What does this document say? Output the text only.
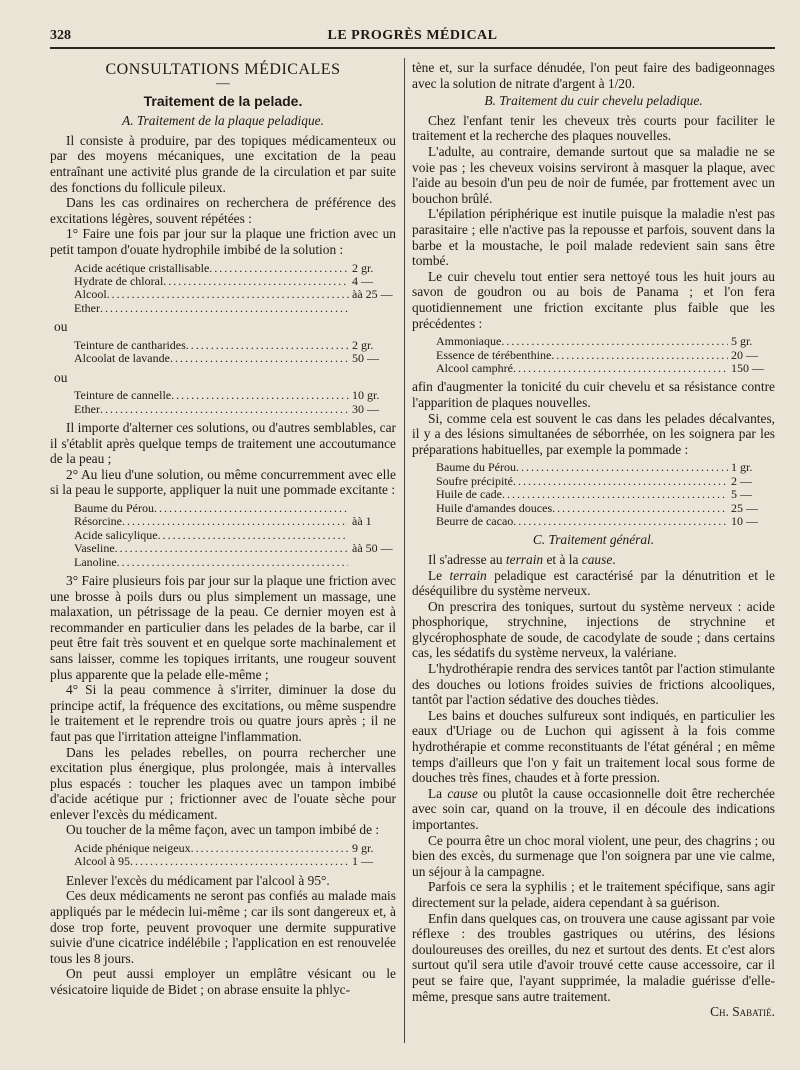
328	LE PROGRÈS MÉDICAL
CONSULTATIONS MÉDICALES
—
Traitement de la pelade.
A. Traitement de la plaque peladique.

Il consiste à produire, par des topiques médicamenteux ou par des moyens mécaniques, une excitation de la peau entraînant une activité plus grande de la circulation et par suite des fonctions du follicule pileux.

Dans les cas ordinaires on recherchera de préférence des excitations légères, souvent répétées :

1° Faire une fois par jour sur la plaque une friction avec un petit tampon d'ouate hydrophile imbibé de la solution :

Acide acétique cristallisable .....	2 gr.
Hydrate de chloral .....	4 —
Alcool .....	àà 25 —
Ether
.....
ou
Teinture de cantharides .....	2 gr.
Alcoolat de lavande .....	50 —
ou
Teinture de cannelle .....	10 gr.
Ether .....	30 —

Il importe d'alterner ces solutions, ou d'autres semblables, car il s'établit après quelque temps de traitement une accoutumance de la peau ;

2° Au lieu d'une solution, ou même concurremment avec elle si la peau le supporte, appliquer la nuit une pommade excitante :

Baume du Pérou
.....
Résorcine .....	àà 1
Acide salicylique
.....
Vaseline .....	àà 50 —
Lanoline
.....

3° Faire plusieurs fois par jour sur la plaque une friction avec une brosse à poils durs ou plus simplement un massage, une malaxation, un pétrissage de la peau. Ce dernier moyen est à recommander en particulier dans les pelades de la barbe, car il peut être fait très souvent et en quelque sorte machinalement et sans laisser, comme les topiques irritants, une rougeur souvent plus apparente que la pelade elle-même ;

4° Si la peau commence à s'irriter, diminuer la dose du principe actif, la fréquence des excitations, ou même suspendre le traitement et le reprendre trois ou quatre jours après ; il ne faut pas que l'irritation atteigne l'inflammation.

Dans les pelades rebelles, on pourra rechercher une excitation plus énergique, plus prolongée, mais à intervalles plus espacés : toucher les plaques avec un tampon imbibé d'acide acétique pur ; frictionner avec de l'ouate sèche pour enlever l'excès du médicament.

Ou toucher de la même façon, avec un tampon imbibé de :

Acide phénique neigeux .....	9 gr.
Alcool à 95 .....	1 —

Enlever l'excès du médicament par l'alcool à 95°.

Ces deux médicaments ne seront pas confiés au malade mais appliqués par le médecin lui-même ; car ils sont dangereux et, à dose trop forte, peuvent provoquer une dermite suppurative suivie d'une cicatrice indélébile ; l'application en est renouvelée tous les 8 jours.

On peut aussi employer un emplâtre vésicant ou le vésicatoire liquide de Bidet ; on abrase ensuite la phlyc-

tène et, sur la surface dénudée, l'on peut faire des badigeonnages avec la solution de nitrate d'argent à 1/20.

B. Traitement du cuir chevelu peladique.

Chez l'enfant tenir les cheveux très courts pour faciliter le traitement et la recherche des plaques nouvelles.

L'adulte, au contraire, demande surtout que sa maladie ne se voie pas ; les cheveux voisins serviront à masquer la plaque, avec l'aide au besoin d'un peu de noir de fumée, par frottement avec un bouchon brûlé.

L'épilation périphérique est inutile puisque la maladie n'est pas parasitaire ; elle n'active pas la repousse et parfois, souvent dans la barbe et la moustache, le poil malade redevient sain sans être tombé.

Le cuir chevelu tout entier sera nettoyé tous les huit jours au savon de goudron ou au bois de Panama ; et l'on fera quotidiennement une friction excitante plus faible que les précédentes :

Ammoniaque .....	5 gr.
Essence de térébenthine .....	20 —
Alcool camphré .....	150 —

afin d'augmenter la tonicité du cuir chevelu et sa résistance contre l'apparition de plaques nouvelles.

Si, comme cela est souvent le cas dans les pelades décalvantes, il y a des lésions simultanées de séborrhée, on les soignera par les préparations habituelles, par exemple la pommade :

Baume du Pérou .....	1 gr.
Soufre précipité .....	2 —
Huile de cade .....	5 —
Huile d'amandes douces .....	25 —
Beurre de cacao .....	10 —
C. Traitement général.

Il s'adresse au terrain et à la cause.

Le terrain peladique est caractérisé par la dénutrition et le déséquilibre du système nerveux.

On prescrira des toniques, surtout du système nerveux : acide phosphorique, strychnine, injections de strychnine et glycérophosphate de soude, de cacodylate de soude ; dans certains cas, les sédatifs du système nerveux, la valériane.

L'hydrothérapie rendra des services tantôt par l'action stimulante des douches ou lotions froides suivies de frictions alcooliques, tantôt par l'action sédative des douches tièdes.

Les bains et douches sulfureux sont indiqués, en particulier les eaux d'Uriage ou de Luchon qui agissent à la fois comme hydrothérapie et comme reconstituants de l'état général ; en même temps d'ailleurs que l'on y fait un traitement local sous forme de douches très fines, chaudes et à forte pression.

La cause ou plutôt la cause occasionnelle doit être recherchée avec soin car, quand on la trouve, il en découle des indications importantes.

Ce pourra être un choc moral violent, une peur, des chagrins ; ou bien des excès, du surmenage que l'on soignera par une vie calme, un séjour à la campagne.

Parfois ce sera la syphilis ; et le traitement spécifique, sans agir directement sur la pelade, aidera cependant à sa guérison.

Enfin dans quelques cas, on trouvera une cause agissant par voie réflexe : des troubles gastriques ou utérins, des lésions douloureuses des oreilles, du nez et surtout des dents. Et c'est alors surtout qu'il sera utile d'avoir trouvé cette cause accessoire, car il peut se faire que, l'ayant supprimée, la maladie guérisse d'elle-même, presque sans autre traitement.

Ch. Sabatié.
